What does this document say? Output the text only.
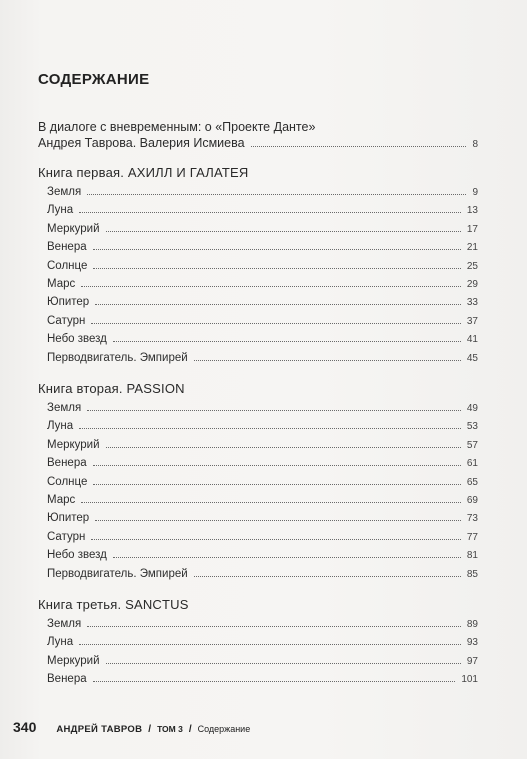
СОДЕРЖАНИЕ
В диалоге с вневременным: о «Проекте Данте»
Андрея Таврова. Валерия Исмиева	8
Книга первая. АХИЛЛ И ГАЛАТЕЯ
Земля	9
Луна	13
Меркурий	17
Венера	21
Солнце	25
Марс	29
Юпитер	33
Сатурн	37
Небо звезд	41
Перводвигатель. Эмпирей	45
Книга вторая. PASSION
Земля	49
Луна	53
Меркурий	57
Венера	61
Солнце	65
Марс	69
Юпитер	73
Сатурн	77
Небо звезд	81
Перводвигатель. Эмпирей	85
Книга третья. SANCTUS
Земля	89
Луна	93
Меркурий	97
Венера	101
340 АНДРЕЙ ТАВРОВ / ТОМ 3 / Содержание
